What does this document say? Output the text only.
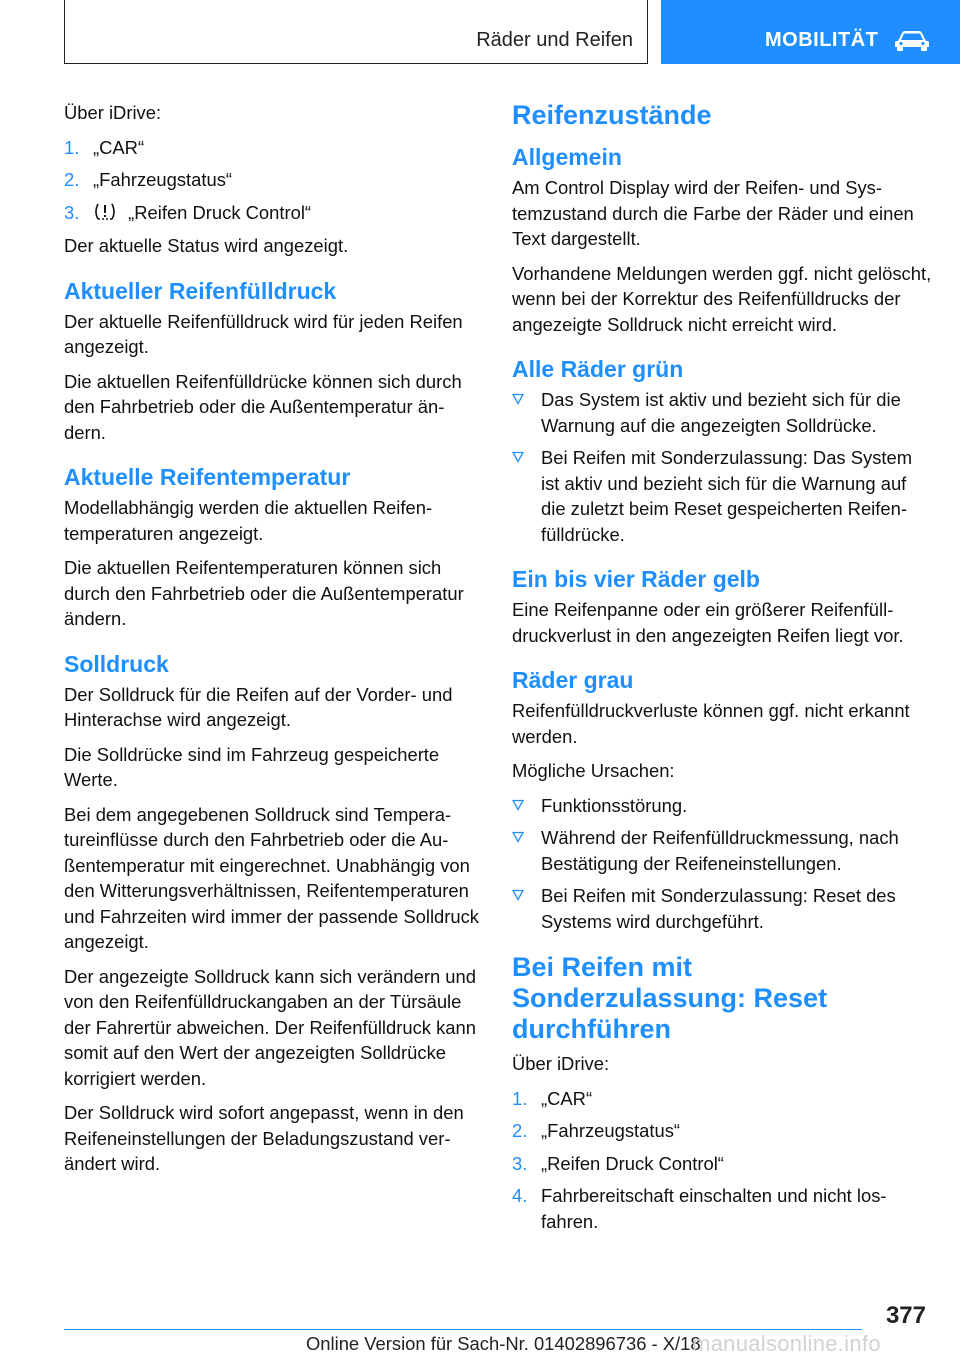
Räder und Reifen	MOBILITÄT

Über iDrive:

1. „CAR“
2. „Fahrzeugstatus“
3.	„Reifen Druck Control“

Der aktuelle Status wird angezeigt.

Aktueller Reifenfülldruck

Der aktuelle Reifenfülldruck wird für jeden Reifen angezeigt.

Die aktuellen Reifenfülldrücke können sich durch den Fahrbetrieb oder die Außentemperatur ändern.

Aktuelle Reifentemperatur

Modellabhängig werden die aktuellen Reifentemperaturen angezeigt.

Die aktuellen Reifentemperaturen können sich durch den Fahrbetrieb oder die Außentemperatur ändern.

Solldruck

Der Solldruck für die Reifen auf der Vorder- und Hinterachse wird angezeigt.

Die Solldrücke sind im Fahrzeug gespeicherte Werte.

Bei dem angegebenen Solldruck sind Temperatureinflüsse durch den Fahrbetrieb oder die Außentemperatur mit eingerechnet. Unabhängig von den Witterungsverhältnissen, Reifentemperaturen und Fahrzeiten wird immer der passende Solldruck angezeigt.

Der angezeigte Solldruck kann sich verändern und von den Reifenfülldruckangaben an der Türsäule der Fahrertür abweichen. Der Reifenfülldruck kann somit auf den Wert der angezeigten Solldrücke korrigiert werden.

Der Solldruck wird sofort angepasst, wenn in den Reifeneinstellungen der Beladungszustand verändert wird.

Reifenzustände
Allgemein

Am Control Display wird der Reifen- und Systemzustand durch die Farbe der Räder und einen Text dargestellt.

Vorhandene Meldungen werden ggf. nicht gelöscht, wenn bei der Korrektur des Reifenfülldrucks der angezeigte Solldruck nicht erreicht wird.

Alle Räder grün
Das System ist aktiv und bezieht sich für die Warnung auf die angezeigten Solldrücke.
Bei Reifen mit Sonderzulassung: Das System ist aktiv und bezieht sich für die Warnung auf die zuletzt beim Reset gespeicherten Reifenfülldrücke.
Ein bis vier Räder gelb

Eine Reifenpanne oder ein größerer Reifenfülldruckverlust in den angezeigten Reifen liegt vor.

Räder grau

Reifenfülldruckverluste können ggf. nicht erkannt werden.

Mögliche Ursachen:

Funktionsstörung.
Während der Reifenfülldruckmessung, nach Bestätigung der Reifeneinstellungen.
Bei Reifen mit Sonderzulassung: Reset des Systems wird durchgeführt.
Bei Reifen mit Sonderzulassung: Reset durchführen

Über iDrive:

1. „CAR“
2. „Fahrzeugstatus“
3. „Reifen Druck Control“
4. Fahrbereitschaft einschalten und nicht losfahren.
377
Online Version für Sach-Nr. 01402896736 - X/18
manualsonline.info
